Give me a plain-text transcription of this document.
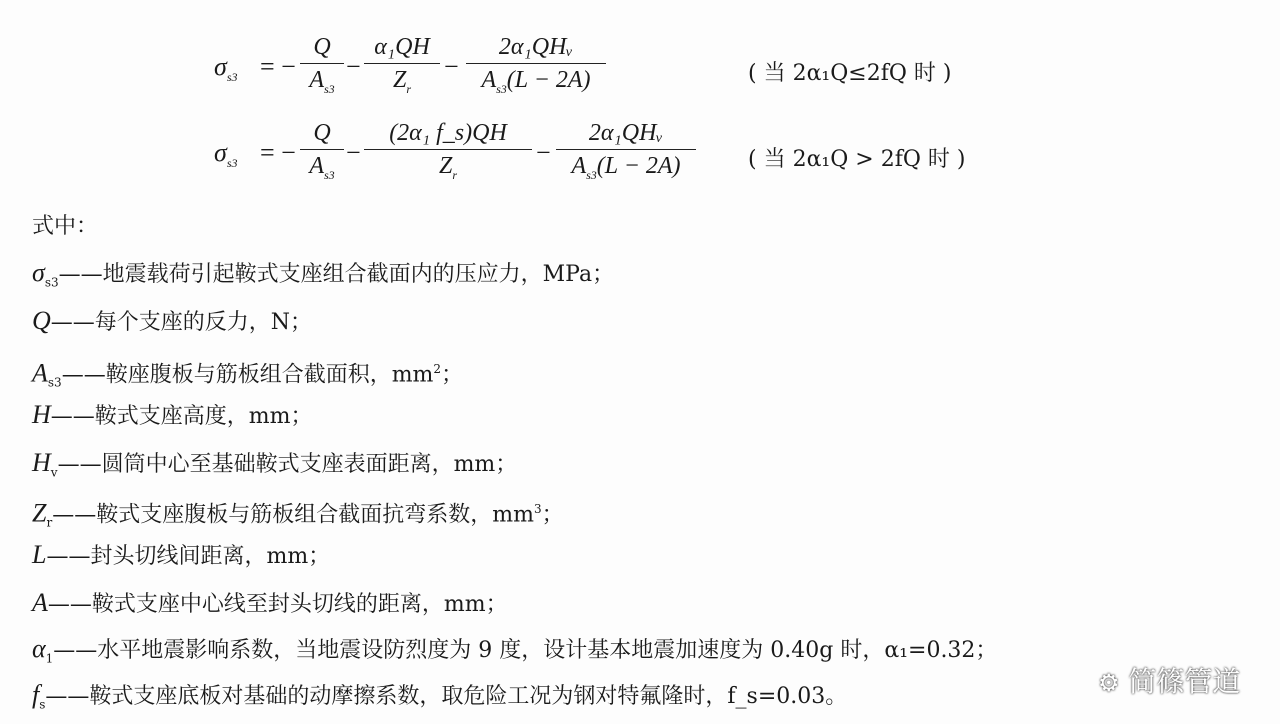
$\sigma_{s3}$ = −
Q
$A_{s3}$
−
α₁QH
$Z_r$
−
2α₁QHᵥ
$A_{s3}(L - 2A)$	( 当 2α₁Q≤2fQ 时 )
$\sigma_{s3}$ = −
Q
$A_{s3}$
−
(2α₁ f_s)QH
$Z_r$
−
2α₁QHᵥ
$A_{s3}(L - 2A)$	( 当 2α₁Q > 2fQ 时 )
式中：
$\sigma_{s3}——$地震载荷引起鞍式支座组合截面内的压应力，MPa；
Q——每个支座的反力，N；
$A_{s3}——$鞍座腹板与筋板组合截面积，$mm^2$；
H——鞍式支座高度，mm；
$H_v——$圆筒中心至基础鞍式支座表面距离，mm；
$Z_r——$鞍式支座腹板与筋板组合截面抗弯系数，$mm^3$；
L——封头切线间距离，mm；
A——鞍式支座中心线至封头切线的距离，mm；
$\alpha_1——$水平地震影响系数，当地震设防烈度为 9 度，设计基本地震加速度为 0.40g 时，α₁=0.32；
$f_s——$鞍式支座底板对基础的动摩擦系数，取危险工况为钢对特氟隆时，f_s=0.03。	⚙ 简篠管道
